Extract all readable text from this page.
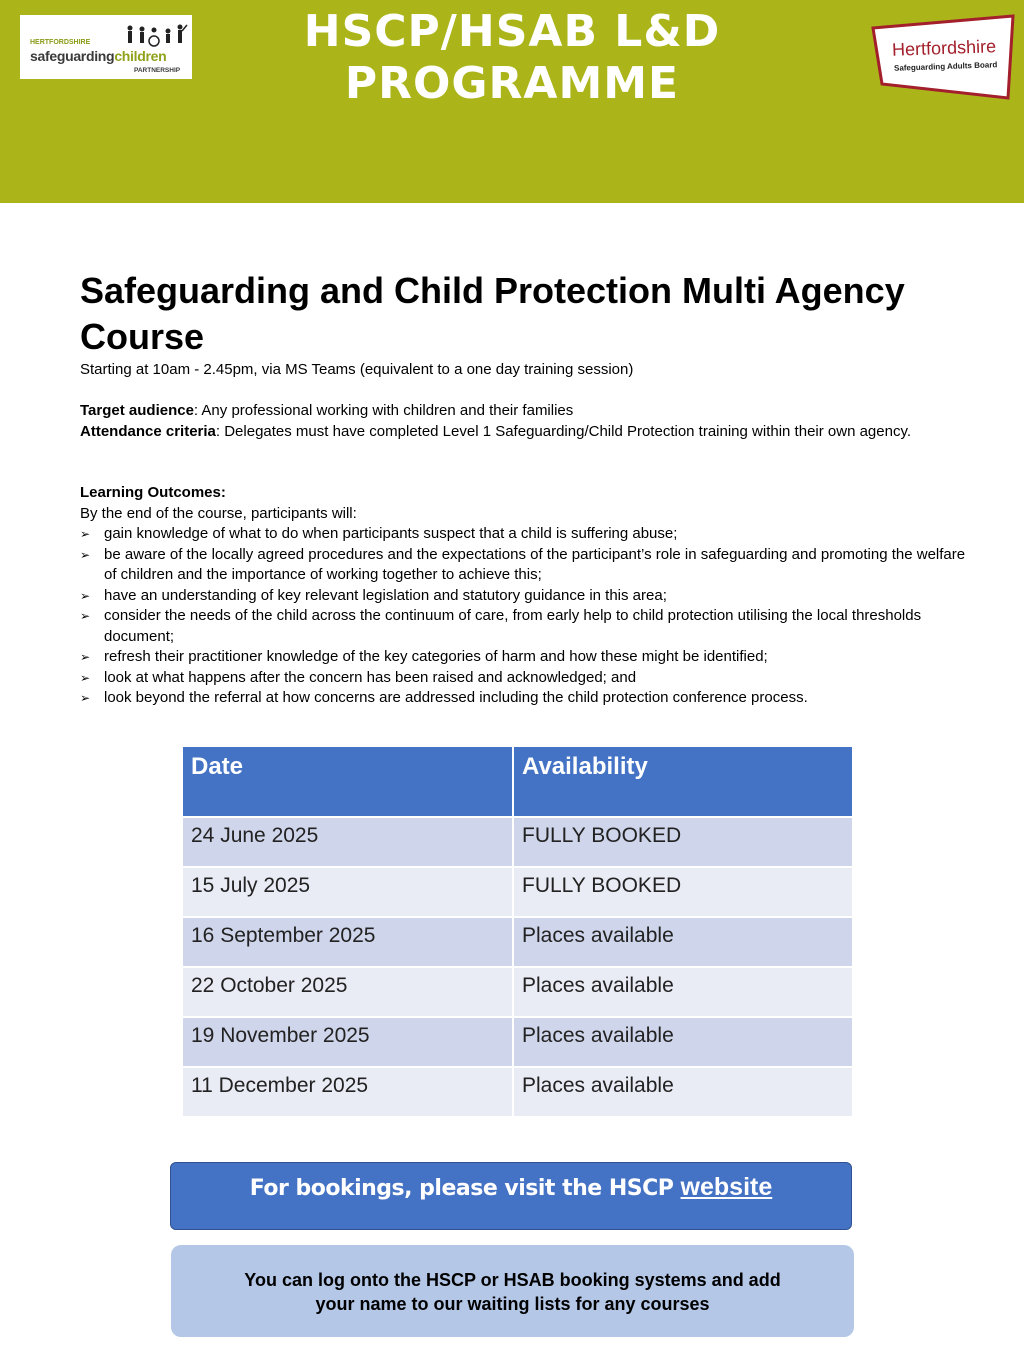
HERTFORDSHIRE
safeguardingchildren
PARTNERSHIP
HSCP/HSAB L&D
PROGRAMME
Hertfordshire
Safeguarding Adults Board
Safeguarding and Child Protection Multi Agency Course

Starting at 10am - 2.45pm, via MS Teams (equivalent to a one day training session)

Target audience: Any professional working with children and their families
Attendance criteria: Delegates must have completed Level 1 Safeguarding/Child Protection training within their own agency.
Learning Outcomes:
By the end of the course, participants will:
➢ gain knowledge of what to do when participants suspect that a child is suffering abuse;
➢ be aware of the locally agreed procedures and the expectations of the participant’s role in safeguarding and promoting the welfare of children and the importance of working together to achieve this;
➢ have an understanding of key relevant legislation and statutory guidance in this area;
➢ consider the needs of the child across the continuum of care, from early help to child protection utilising the local thresholds document;
➢ refresh their practitioner knowledge of the key categories of harm and how these might be identified;
➢ look at what happens after the concern has been raised and acknowledged; and
➢ look beyond the referral at how concerns are addressed including the child protection conference process.
Date	Availability
24 June 2025	FULLY BOOKED
15 July 2025	FULLY BOOKED
16 September 2025	Places available
22 October 2025	Places available
19 November 2025	Places available
11 December 2025	Places available
For bookings, please visit the HSCP website
You can log onto the HSCP or HSAB booking systems and add your name to our waiting lists for any courses
